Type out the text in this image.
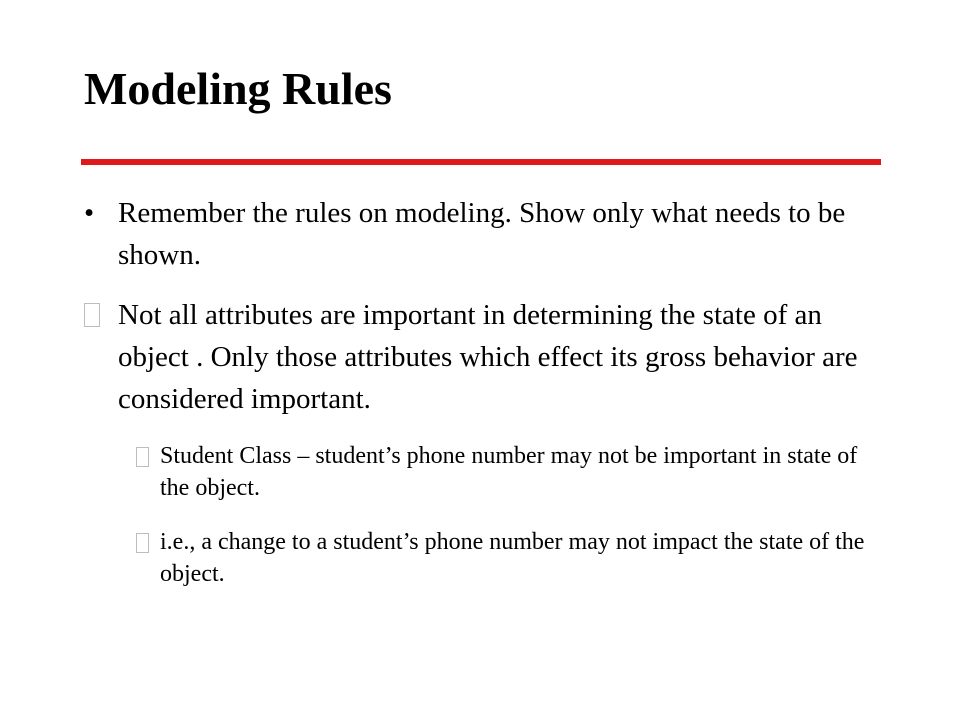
Modeling Rules
• Remember the rules on modeling. Show only what needs to be shown.
Not all attributes are important in determining the state of an object . Only those attributes which effect its gross behavior are considered important.
Student Class – student’s phone number may not be important in state of the object.
i.e., a change to a student’s phone number may not impact the state of the object.
